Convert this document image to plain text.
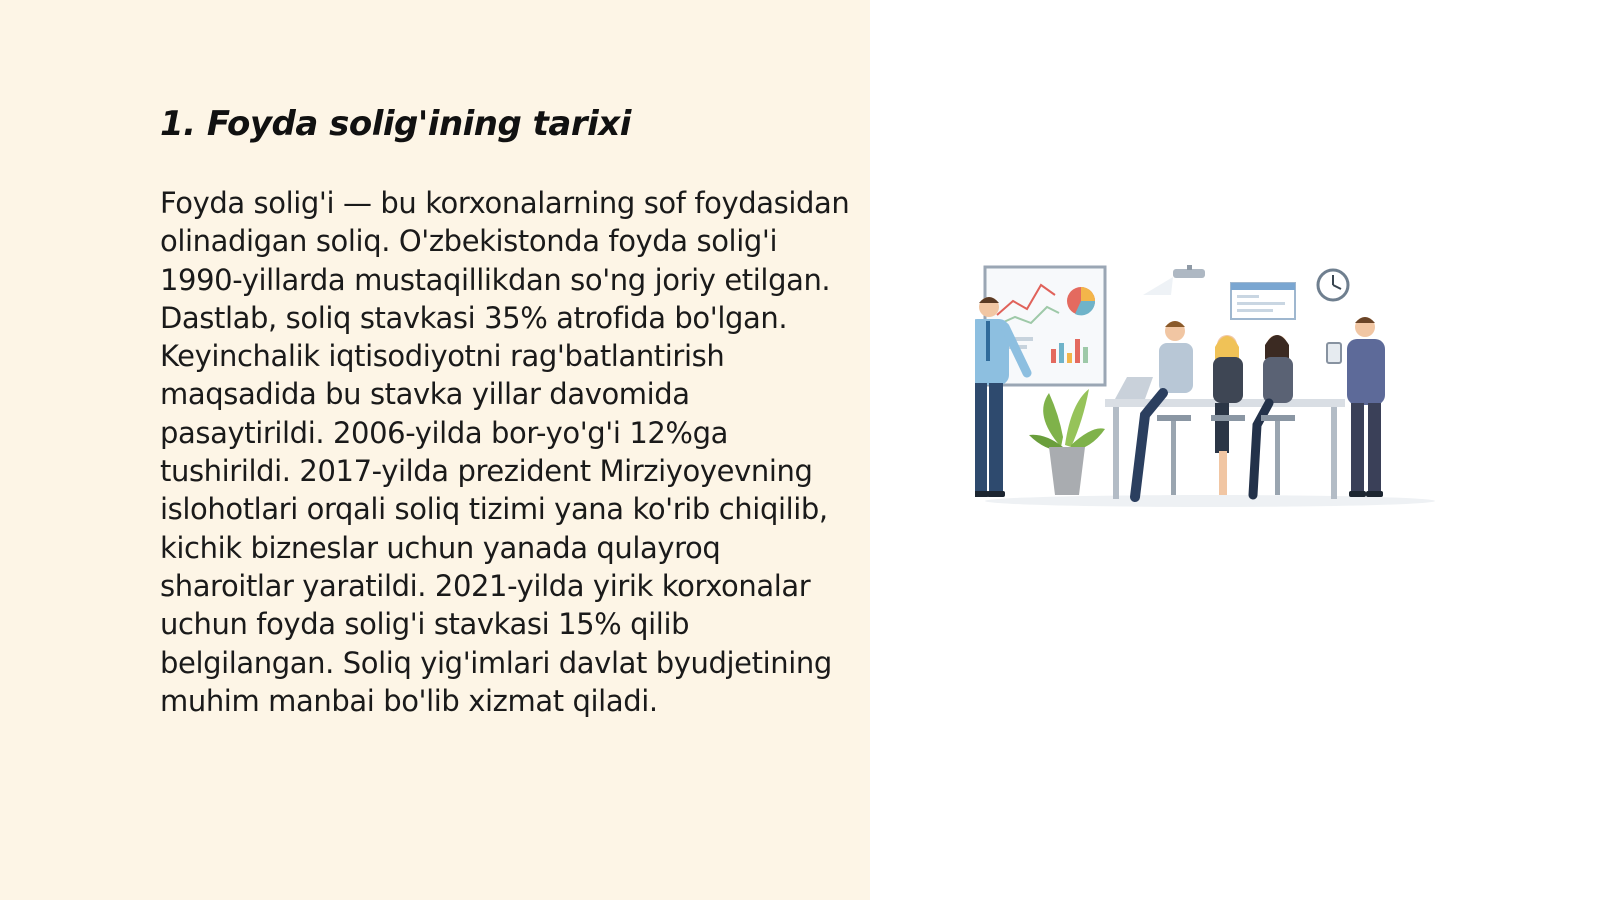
1. Foyda solig'ining tarixi

Foyda solig'i — bu korxonalarning sof foydasidan olinadigan soliq. O'zbekistonda foyda solig'i 1990-yillarda mustaqillikdan so'ng joriy etilgan. Dastlab, soliq stavkasi 35% atrofida bo'lgan. Keyinchalik iqtisodiyotni rag'batlantirish maqsadida bu stavka yillar davomida pasaytirildi. 2006-yilda bor-yo'g'i 12%ga tushirildi. 2017-yilda prezident Mirziyoyevning islohotlari orqali soliq tizimi yana ko'rib chiqilib, kichik bizneslar uchun yanada qulayroq sharoitlar yaratildi. 2021-yilda yirik korxonalar uchun foyda solig'i stavkasi 15% qilib belgilangan. Soliq yig'imlari davlat byudjetining muhim manbai bo'lib xizmat qiladi.
